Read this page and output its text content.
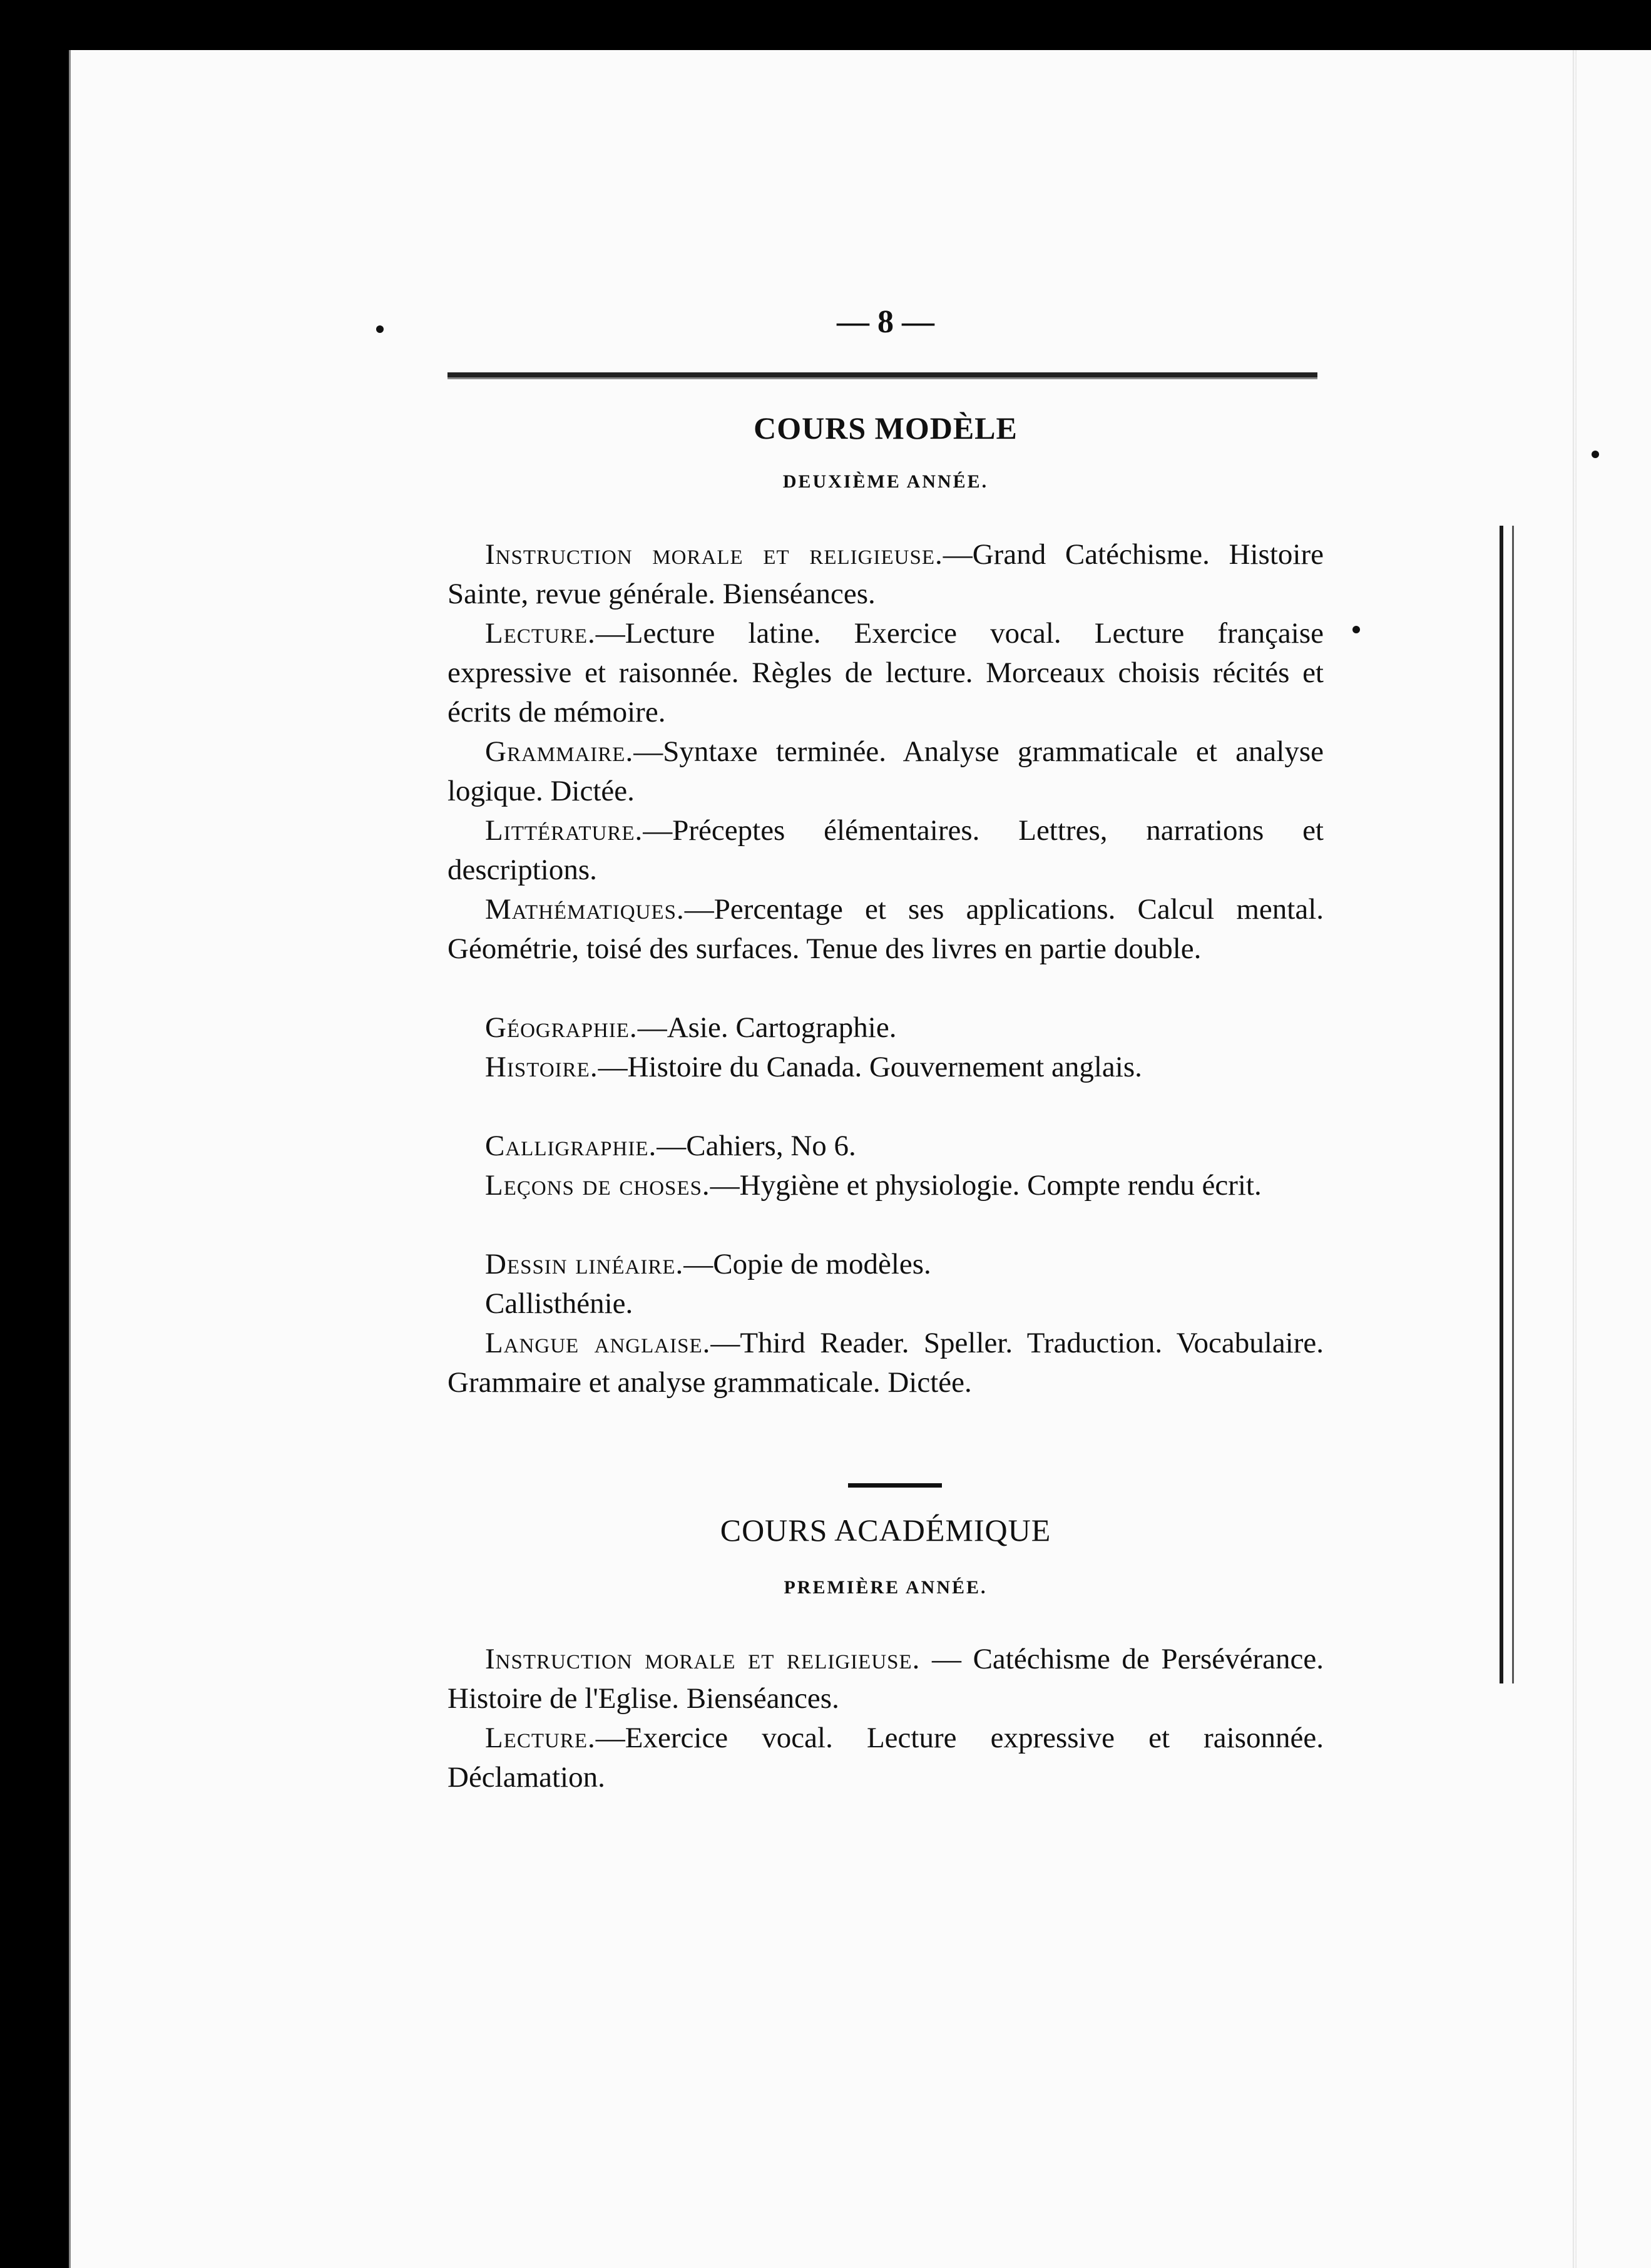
— 8 —
COURS MODÈLE
DEUXIÈME ANNÉE.
Instruction morale et religieuse.—Grand Catéchisme. Histoire Sainte, revue générale. Bienséances.
Lecture.—Lecture latine. Exercice vocal. Lecture française expressive et raisonnée. Règles de lecture. Morceaux choisis récités et écrits de mémoire.
Grammaire.—Syntaxe terminée. Analyse grammaticale et analyse logique. Dictée.
Littérature.—Préceptes élémentaires. Lettres, narrations et descriptions.
Mathématiques.—Percentage et ses applications. Calcul mental. Géométrie, toisé des surfaces. Tenue des livres en partie double.
Géographie.—Asie. Cartographie.
Histoire.—Histoire du Canada. Gouvernement anglais.
Calligraphie.—Cahiers, No 6.
Leçons de choses.—Hygiène et physiologie. Compte rendu écrit.
Dessin linéaire.—Copie de modèles.
Callisthénie.
Langue anglaise.—Third Reader. Speller. Traduction. Vocabulaire. Grammaire et analyse grammaticale. Dictée.
COURS ACADÉMIQUE
PREMIÈRE ANNÉE.
Instruction morale et religieuse. — Catéchisme de Persévérance. Histoire de l'Eglise. Bienséances.
Lecture.—Exercice vocal. Lecture expressive et raisonnée. Déclamation.
